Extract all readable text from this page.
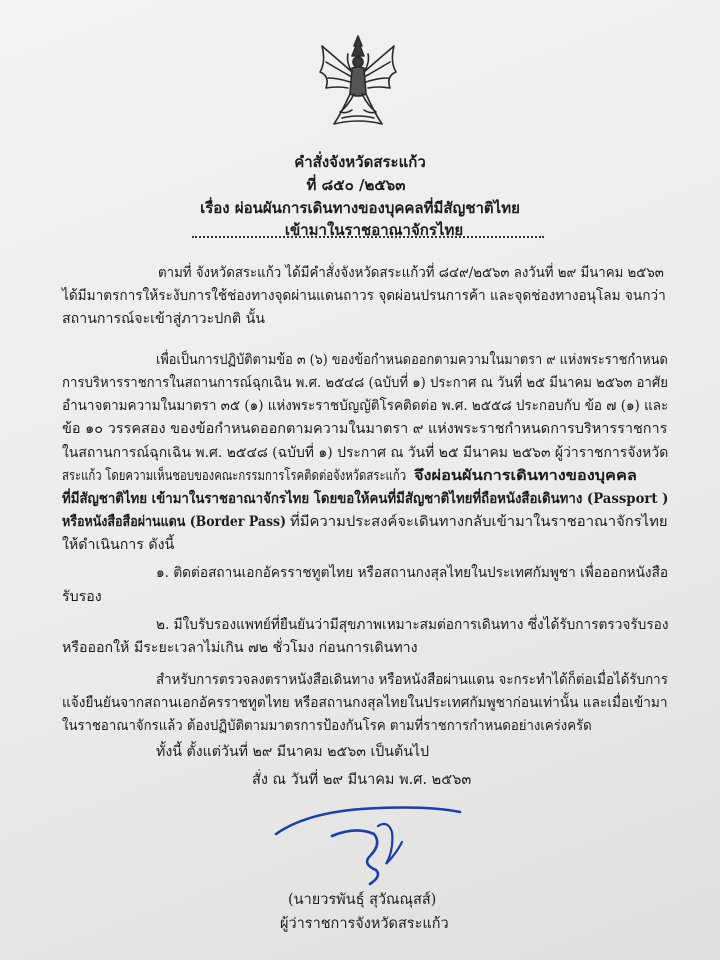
คำสั่งจังหวัดสระแก้ว
ที่ ๘๕๐ /๒๕๖๓
เรื่อง ผ่อนผันการเดินทางของบุคคลที่มีสัญชาติไทย
เข้ามาในราชอาณาจักรไทย
ตามที่ จังหวัดสระแก้ว ได้มีคำสั่งจังหวัดสระแก้วที่ ๘๔๙/๒๕๖๓ ลงวันที่ ๒๙ มีนาคม ๒๕๖๓
ได้มีมาตรการให้ระงับการใช้ช่องทางจุดผ่านแดนถาวร จุดผ่อนปรนการค้า และจุดช่องทางอนุโลม จนกว่า
สถานการณ์จะเข้าสู่ภาวะปกติ นั้น
เพื่อเป็นการปฏิบัติตามข้อ ๓ (๖) ของข้อกำหนดออกตามความในมาตรา ๙ แห่งพระราชกำหนด
การบริหารราชการในสถานการณ์ฉุกเฉิน พ.ศ. ๒๕๔๘ (ฉบับที่ ๑) ประกาศ ณ วันที่ ๒๕ มีนาคม ๒๕๖๓ อาศัย
อำนาจตามความในมาตรา ๓๕ (๑) แห่งพระราชบัญญัติโรคติดต่อ พ.ศ. ๒๕๕๘ ประกอบกับ ข้อ ๗ (๑) และ
ข้อ ๑๐ วรรคสอง ของข้อกำหนดออกตามความในมาตรา ๙ แห่งพระราชกำหนดการบริหารราชการ
ในสถานการณ์ฉุกเฉิน พ.ศ. ๒๕๔๘ (ฉบับที่ ๑) ประกาศ ณ วันที่ ๒๕ มีนาคม ๒๕๖๓ ผู้ว่าราชการจังหวัด
สระแก้ว โดยความเห็นชอบของคณะกรรมการโรคติดต่อจังหวัดสระแก้ว จึงผ่อนผันการเดินทางของบุคคล
ที่มีสัญชาติไทย เข้ามาในราชอาณาจักรไทย โดยขอให้คนที่มีสัญชาติไทยที่ถือหนังสือเดินทาง (Passport )
หรือหนังสือสือผ่านแดน (Border Pass) ที่มีความประสงค์จะเดินทางกลับเข้ามาในราชอาณาจักรไทย
ให้ดำเนินการ ดังนี้
๑. ติดต่อสถานเอกอัครราชทูตไทย หรือสถานกงสุลไทยในประเทศกัมพูชา เพื่อออกหนังสือ
รับรอง
๒. มีใบรับรองแพทย์ที่ยืนยันว่ามีสุขภาพเหมาะสมต่อการเดินทาง ซึ่งได้รับการตรวจรับรอง
หรือออกให้ มีระยะเวลาไม่เกิน ๗๒ ชั่วโมง ก่อนการเดินทาง
สำหรับการตรวจลงตราหนังสือเดินทาง หรือหนังสือผ่านแดน จะกระทำได้ก็ต่อเมื่อได้รับการ
แจ้งยืนยันจากสถานเอกอัครราชทูตไทย หรือสถานกงสุลไทยในประเทศกัมพูชาก่อนเท่านั้น และเมื่อเข้ามา
ในราชอาณาจักรแล้ว ต้องปฏิบัติตามมาตรการป้องกันโรค ตามที่ราชการกำหนดอย่างเคร่งครัด
ทั้งนี้ ตั้งแต่วันที่ ๒๙ มีนาคม ๒๕๖๓ เป็นต้นไป
สั่ง ณ วันที่ ๒๙ มีนาคม พ.ศ. ๒๕๖๓
(นายวรพันธุ์ สุวัณณุสส์)
ผู้ว่าราชการจังหวัดสระแก้ว
